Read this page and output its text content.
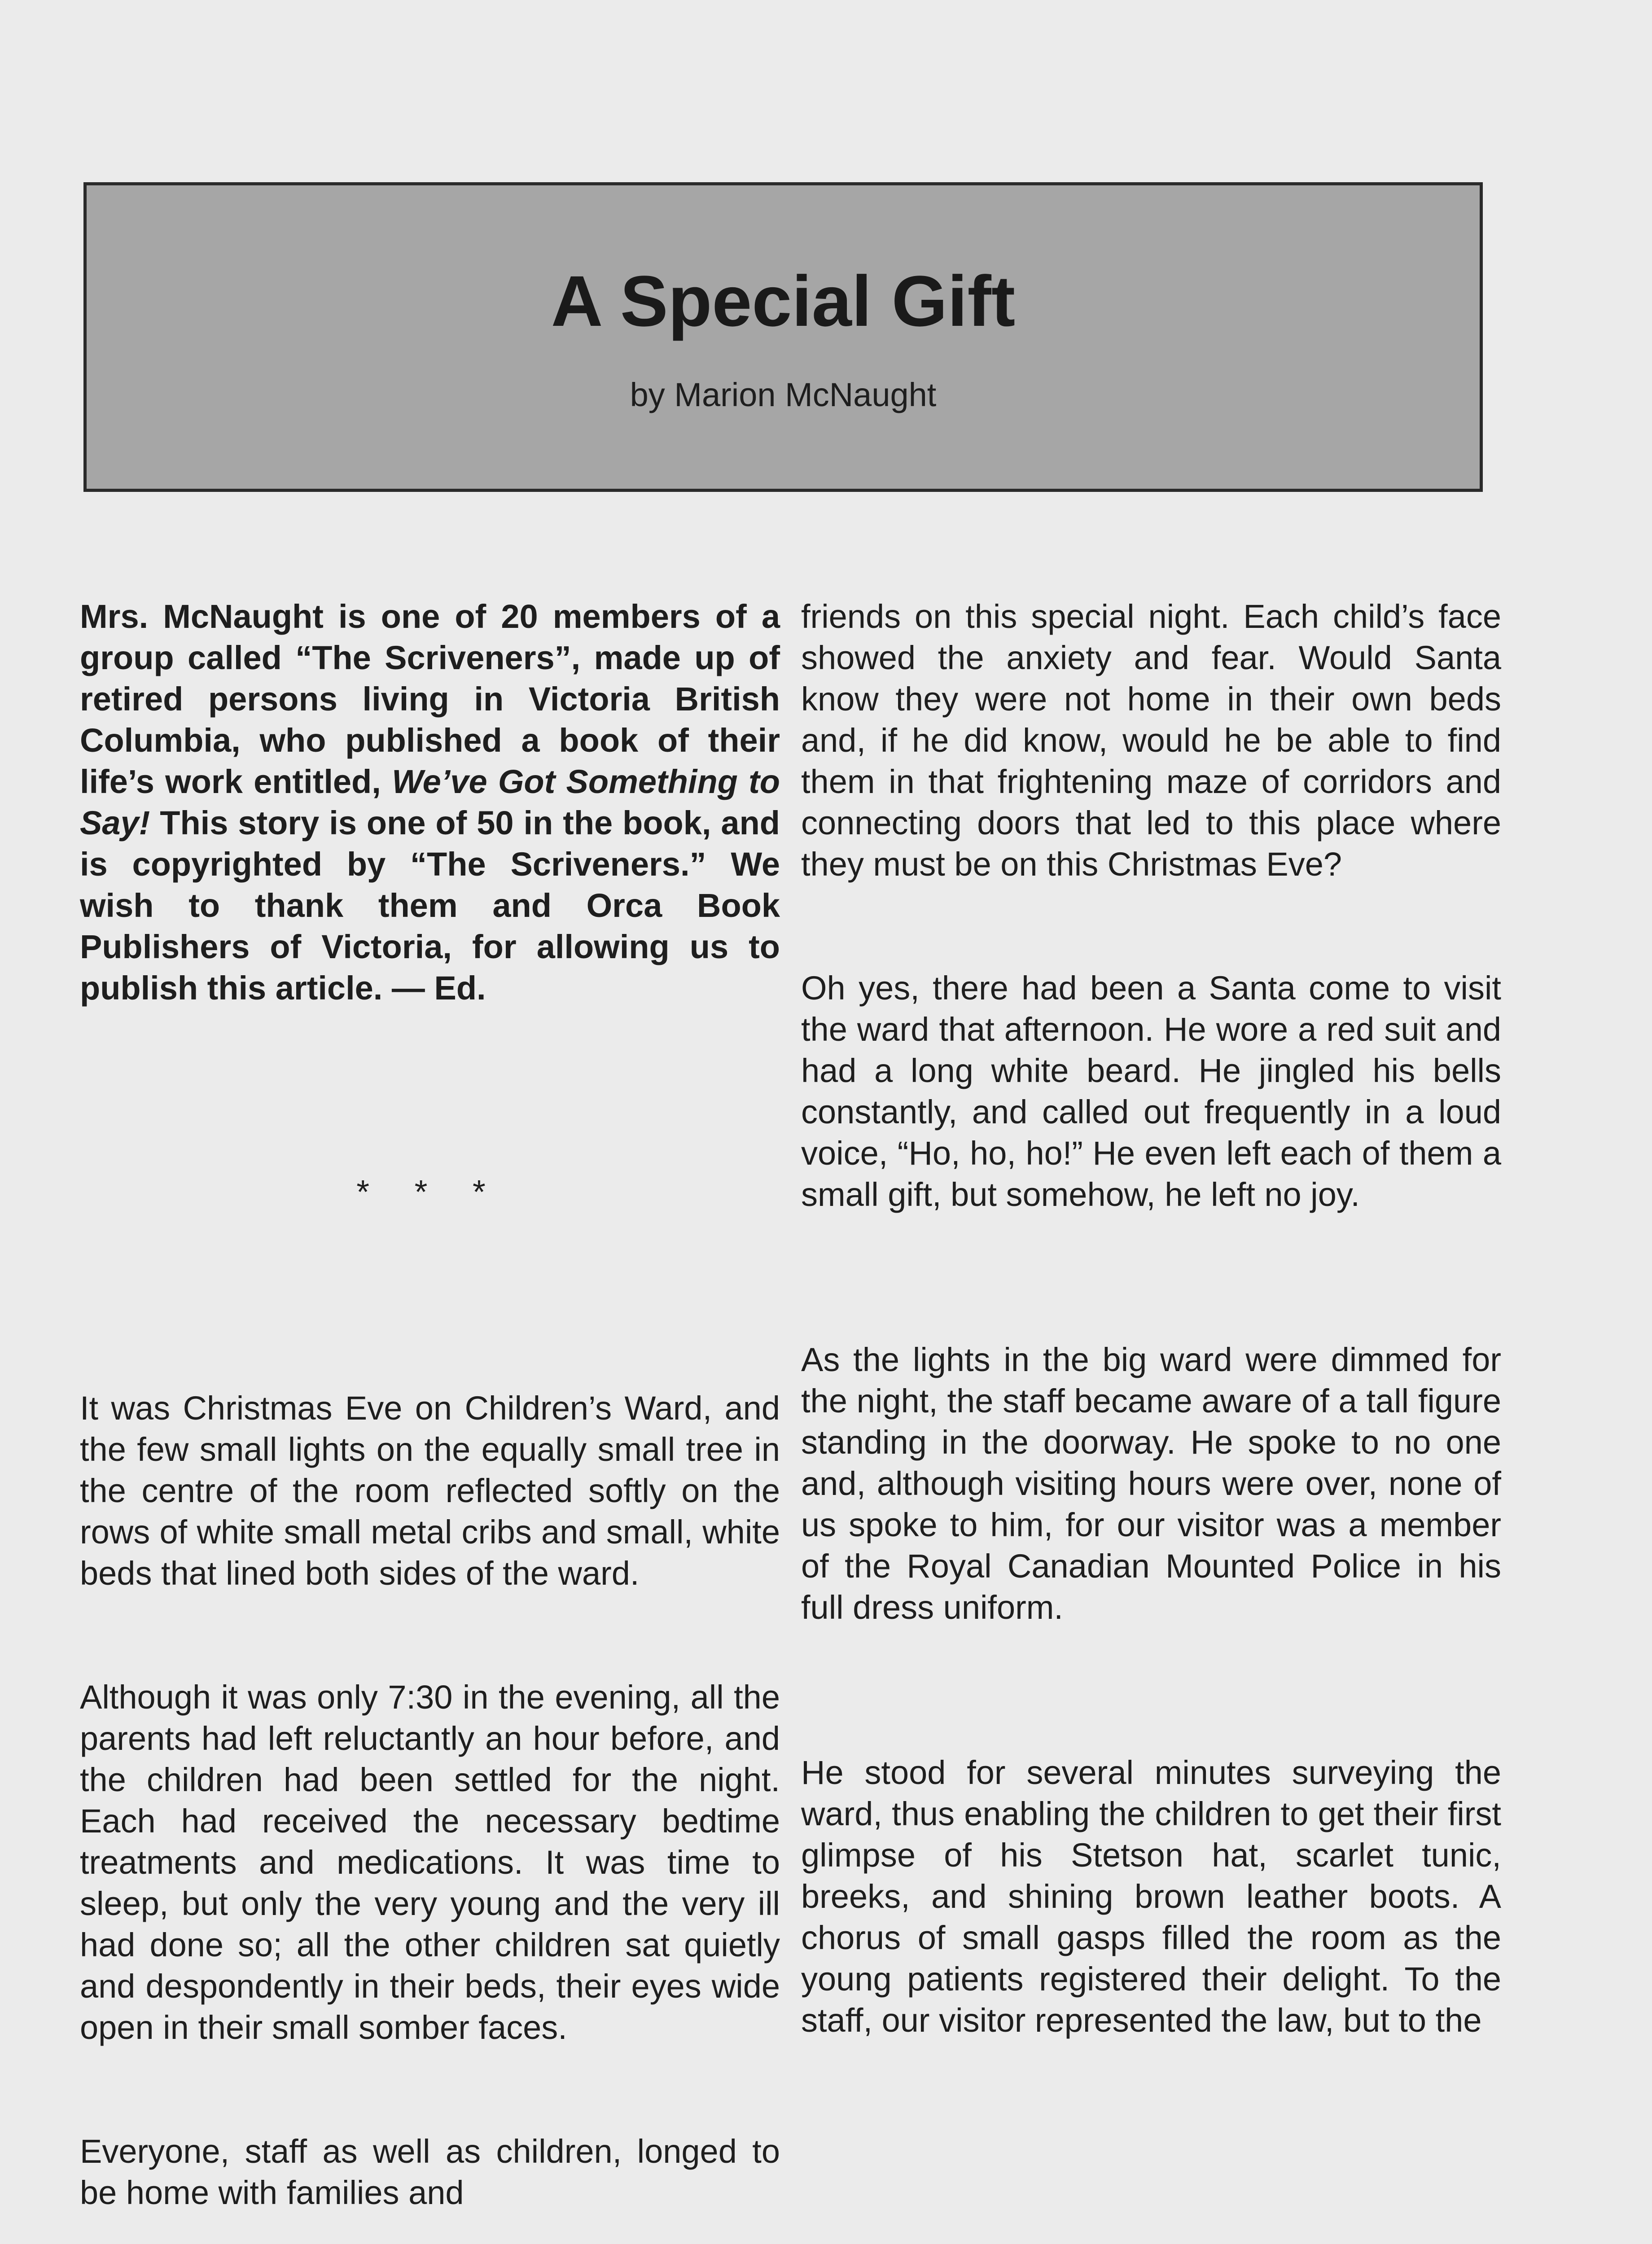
A Special Gift
by Marion McNaught

Mrs. McNaught is one of 20 members of a group called “The Scriveners”, made up of retired persons living in Victoria British Columbia, who published a book of their life’s work entitled, We’ve Got Something to Say! This story is one of 50 in the book, and is copyrighted by “The Scriveners.” We wish to thank them and Orca Book Publishers of Victoria, for allowing us to publish this article. — Ed.

* * *

It was Christmas Eve on Children’s Ward, and the few small lights on the equally small tree in the centre of the room reflected softly on the rows of white small metal cribs and small, white beds that lined both sides of the ward.

Although it was only 7:30 in the evening, all the parents had left reluctantly an hour before, and the children had been settled for the night. Each had received the necessary bedtime treatments and medications. It was time to sleep, but only the very young and the very ill had done so; all the other children sat quietly and despondently in their beds, their eyes wide open in their small somber faces.

Everyone, staff as well as children, longed to be home with families and

friends on this special night. Each child’s face showed the anxiety and fear. Would Santa know they were not home in their own beds and, if he did know, would he be able to find them in that frightening maze of corridors and connecting doors that led to this place where they must be on this Christmas Eve?

Oh yes, there had been a Santa come to visit the ward that afternoon. He wore a red suit and had a long white beard. He jingled his bells constantly, and called out frequently in a loud voice, “Ho, ho, ho!” He even left each of them a small gift, but somehow, he left no joy.

As the lights in the big ward were dimmed for the night, the staff became aware of a tall figure standing in the doorway. He spoke to no one and, although visiting hours were over, none of us spoke to him, for our visitor was a member of the Royal Canadian Mounted Police in his full dress uniform.

He stood for several minutes surveying the ward, thus enabling the children to get their first glimpse of his Stetson hat, scarlet tunic, breeks, and shining brown leather boots. A chorus of small gasps filled the room as the young patients registered their delight. To the staff, our visitor represented the law, but to the
